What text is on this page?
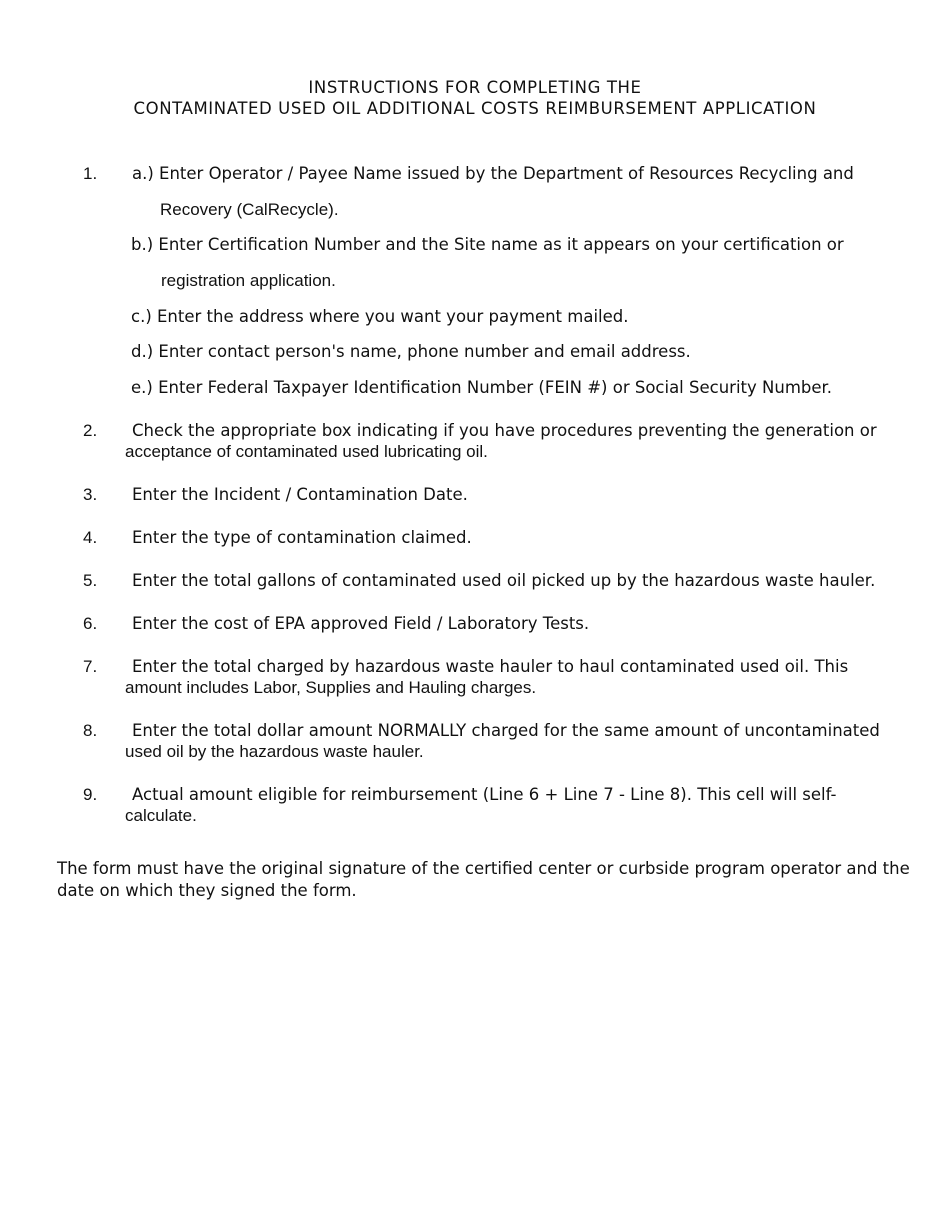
INSTRUCTIONS FOR COMPLETING THE
CONTAMINATED USED OIL ADDITIONAL COSTS REIMBURSEMENT APPLICATION
1. a.) Enter Operator / Payee Name issued by the Department of Resources Recycling and
Recovery (CalRecycle).
b.) Enter Certification Number and the Site name as it appears on your certification or
registration application.
c.) Enter the address where you want your payment mailed.
d.) Enter contact person's name, phone number and email address.
e.) Enter Federal Taxpayer Identification Number (FEIN #) or Social Security Number.
2. Check the appropriate box indicating if you have procedures preventing the generation or
acceptance of contaminated used lubricating oil.
3. Enter the Incident / Contamination Date.
4. Enter the type of contamination claimed.
5. Enter the total gallons of contaminated used oil picked up by the hazardous waste hauler.
6. Enter the cost of EPA approved Field / Laboratory Tests.
7. Enter the total charged by hazardous waste hauler to haul contaminated used oil. This
amount includes Labor, Supplies and Hauling charges.
8. Enter the total dollar amount NORMALLY charged for the same amount of uncontaminated
used oil by the hazardous waste hauler.
9. Actual amount eligible for reimbursement (Line 6 + Line 7 - Line 8). This cell will self-
calculate.
The form must have the original signature of the certified center or curbside program operator and the date on which they signed the form.
